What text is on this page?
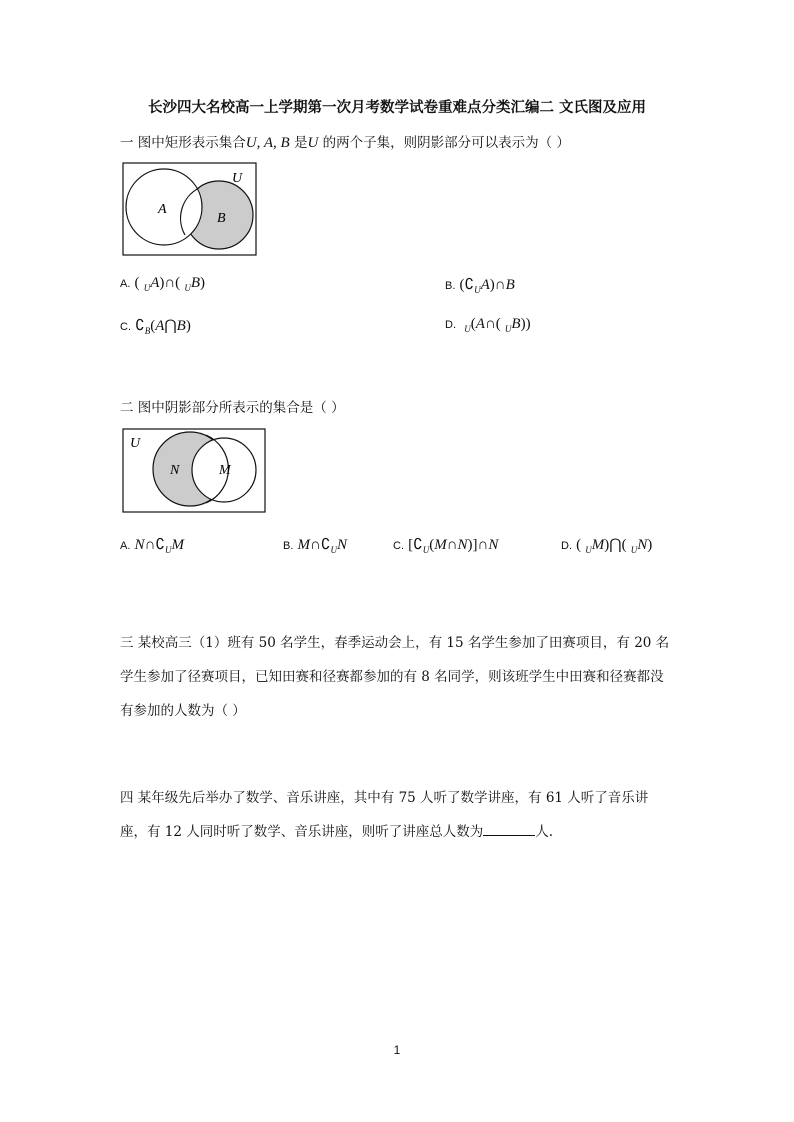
长沙四大名校高一上学期第一次月考数学试卷重难点分类汇编二 文氏图及应用
一 图中矩形表示集合U, A, B 是U 的两个子集，则阴影部分可以表示为（ ）
U
A
B
A. ( $_U$A)∩( $_U$B)	B. $(∁_UA)\cap B$
C. $∁_B(A⋂B)$	D. $_U$(A∩( $_U$B))
二 图中阴影部分所表示的集合是（ ）
U
N	M
A. $N\cap∁_UM$	B. $M\cap∁_UN$	C. $[∁_U(M\cap N)]\cap N$	D. ( $_U$M)⋂( $_U$N)
三 某校高三（1）班有 50 名学生，春季运动会上，有 15 名学生参加了田赛项目，有 20 名学生参加了径赛项目，已知田赛和径赛都参加的有 8 名同学，则该班学生中田赛和径赛都没有参加的人数为（ ）
四 某年级先后举办了数学、音乐讲座，其中有 75 人听了数学讲座，有 61 人听了音乐讲座，有 12 人同时听了数学、音乐讲座，则听了讲座总人数为	人.
1
